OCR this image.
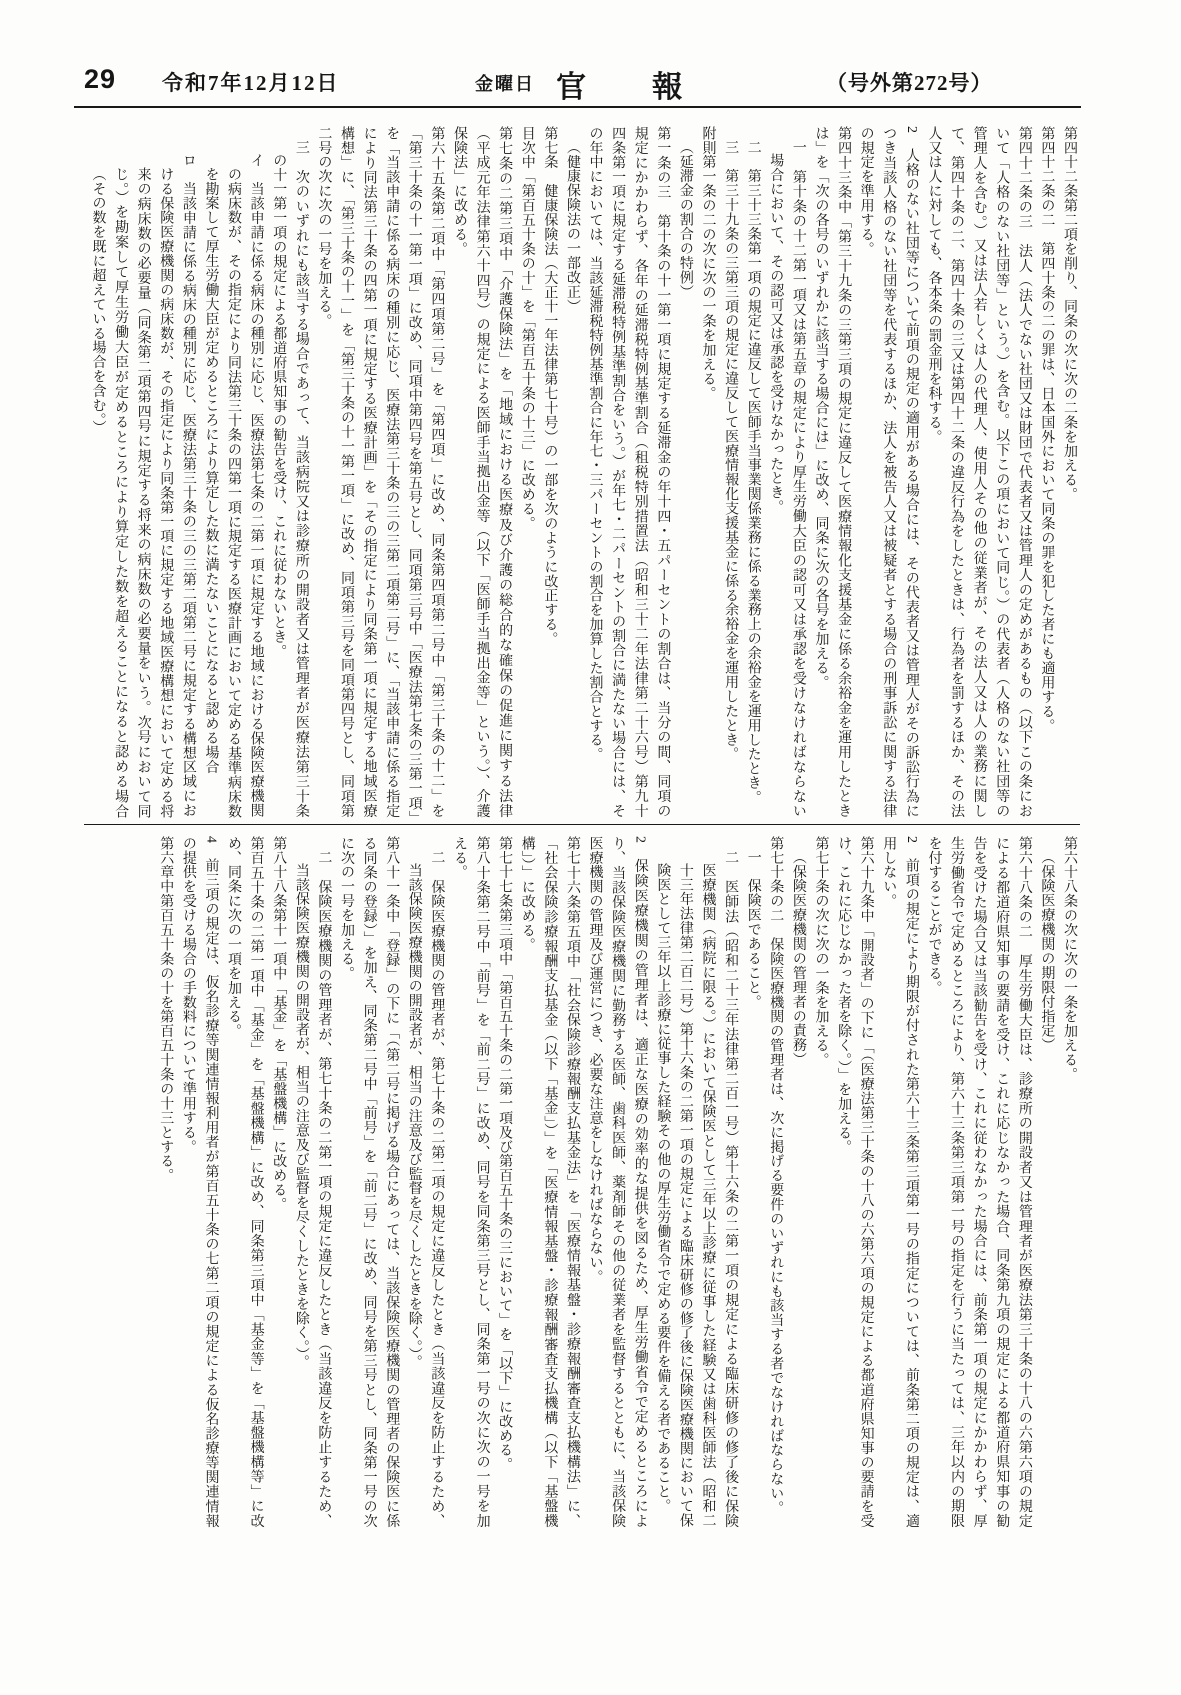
29 令和7年12月12日	金曜日 官報	（号外第272号）

第四十二条第二項を削り、同条の次に次の二条を加える。

第四十二条の二　第四十条の二の罪は、日本国外において同条の罪を犯した者にも適用する。

第四十二条の三　法人（法人でない社団又は財団で代表者又は管理人の定めがあるもの（以下この条において「人格のない社団等」という。）を含む。以下この項において同じ。）の代表者（人格のない社団等の管理人を含む。）又は法人若しくは人の代理人、使用人その他の従業者が、その法人又は人の業務に関して、第四十条の二、第四十条の三又は第四十二条の違反行為をしたときは、行為者を罰するほか、その法人又は人に対しても、各本条の罰金刑を科する。

2　人格のない社団等について前項の規定の適用がある場合には、その代表者又は管理人がその訴訟行為につき当該人格のない社団等を代表するほか、法人を被告人又は被疑者とする場合の刑事訴訟に関する法律の規定を準用する。

第四十三条中「第三十九条の三第三項の規定に違反して医療情報化支援基金に係る余裕金を運用したときは」を「次の各号のいずれかに該当する場合には」に改め、同条に次の各号を加える。

一　第十条の十二第一項又は第五章の規定により厚生労働大臣の認可又は承認を受けなければならない場合において、その認可又は承認を受けなかったとき。

二　第三十三条第一項の規定に違反して医師手当事業関係業務に係る業務上の余裕金を運用したとき。

三　第三十九条の三第三項の規定に違反して医療情報化支援基金に係る余裕金を運用したとき。

附則第一条の二の次に次の一条を加える。

（延滞金の割合の特例）

第一条の三　第十条の十一第一項に規定する延滞金の年十四・五パーセントの割合は、当分の間、同項の規定にかかわらず、各年の延滞税特例基準割合（租税特別措置法（昭和三十二年法律第二十六号）第九十四条第一項に規定する延滞税特例基準割合をいう。）が年七・二パーセントの割合に満たない場合には、その年中においては、当該延滞税特例基準割合に年七・三パーセントの割合を加算した割合とする。

（健康保険法の一部改正）

第七条　健康保険法（大正十一年法律第七十号）の一部を次のように改正する。

目次中「第百五十条の十」を「第百五十条の十三」に改める。

第七条の二第三項中「介護保険法」を「地域における医療及び介護の総合的な確保の促進に関する法律（平成元年法律第六十四号）の規定による医師手当拠出金等（以下「医師手当拠出金等」という。）、介護保険法」に改める。

第六十五条第二項中「第四項第二号」を「第四項」に改め、同条第四項第二号中「第三十条の十二」を「第三十条の十一第一項」に改め、同項中第四号を第五号とし、同項第三号中「医療法第七条の三第一項」を「当該申請に係る病床の種別に応じ、医療法第三十条の三の三第二項第二号」に、「当該申請に係る指定により同法第三十条の四第一項に規定する医療計画」を「その指定により同条第一項に規定する地域医療構想」に、「第三十条の十一」を「第三十条の十一第一項」に改め、同項第三号を同項第四号とし、同項第二号の次に次の一号を加える。

三　次のいずれにも該当する場合であって、当該病院又は診療所の開設者又は管理者が医療法第三十条の十一第一項の規定による都道府県知事の勧告を受け、これに従わないとき。

イ　当該申請に係る病床の種別に応じ、医療法第七条の二第一項に規定する地域における保険医療機関の病床数が、その指定により同法第三十条の四第一項に規定する医療計画において定める基準病床数を勘案して厚生労働大臣が定めるところにより算定した数に満たないことになると認める場合

ロ　当該申請に係る病床の種別に応じ、医療法第三十条の三の三第二項第二号に規定する構想区域における保険医療機関の病床数が、その指定により同条第一項に規定する地域医療構想において定める将来の病床数の必要量（同条第二項第四号に規定する将来の病床数の必要量をいう。次号において同じ。）を勘案して厚生労働大臣が定めるところにより算定した数を超えることになると認める場合（その数を既に超えている場合を含む。）

第六十八条の次に次の一条を加える。

（保険医療機関の期限付指定）

第六十八条の二　厚生労働大臣は、診療所の開設者又は管理者が医療法第三十条の十八の六第六項の規定による都道府県知事の要請を受け、これに応じなかった場合、同条第九項の規定による都道府県知事の勧告を受けた場合又は当該勧告を受け、これに従わなかった場合には、前条第一項の規定にかかわらず、厚生労働省令で定めるところにより、第六十三条第三項第一号の指定を行うに当たっては、三年以内の期限を付することができる。

2　前項の規定により期限が付された第六十三条第三項第一号の指定については、前条第二項の規定は、適用しない。

第六十九条中「開設者」の下に「（医療法第三十条の十八の六第六項の規定による都道府県知事の要請を受け、これに応じなかった者を除く。）」を加える。

第七十条の次に次の一条を加える。

（保険医療機関の管理者の責務）

第七十条の二　保険医療機関の管理者は、次に掲げる要件のいずれにも該当する者でなければならない。

一　保険医であること。

二　医師法（昭和二十三年法律第二百一号）第十六条の二第一項の規定による臨床研修の修了後に保険医療機関（病院に限る。）において保険医として三年以上診療に従事した経験又は歯科医師法（昭和二十三年法律第二百二号）第十六条の二第一項の規定による臨床研修の修了後に保険医療機関において保険医として三年以上診療に従事した経験その他の厚生労働省令で定める要件を備える者であること。

2　保険医療機関の管理者は、適正な医療の効率的な提供を図るため、厚生労働省令で定めるところにより、当該保険医療機関に勤務する医師、歯科医師、薬剤師その他の従業者を監督するとともに、当該保険医療機関の管理及び運営につき、必要な注意をしなければならない。

第七十六条第五項中「社会保険診療報酬支払基金法」を「医療情報基盤・診療報酬審査支払機構法」に、「社会保険診療報酬支払基金（以下「基金」）」を「医療情報基盤・診療報酬審査支払機構（以下「基盤機構」）」に改める。

第七十七条第三項中「第百五十条の二第一項及び第百五十条の三において」を「以下」に改める。

第八十条第二号中「前号」を「前二号」に改め、同号を同条第三号とし、同条第一号の次に次の一号を加える。

二　保険医療機関の管理者が、第七十条の二第二項の規定に違反したとき（当該違反を防止するため、当該保険医療機関の開設者が、相当の注意及び監督を尽くしたときを除く。）。

第八十一条中「登録」の下に「（第二号に掲げる場合にあっては、当該保険医療機関の管理者の保険医に係る同条の登録）」を加え、同条第二号中「前号」を「前二号」に改め、同号を第三号とし、同条第一号の次に次の一号を加える。

二　保険医療機関の管理者が、第七十条の二第一項の規定に違反したとき（当該違反を防止するため、当該保険医療機関の開設者が、相当の注意及び監督を尽くしたときを除く。）。

第八十八条第十一項中「基金」を「基盤機構」に改める。

第百五十条の二第一項中「基金」を「基盤機構」に改め、同条第三項中「基金等」を「基盤機構等」に改め、同条に次の一項を加える。

4　前三項の規定は、仮名診療等関連情報利用者が第百五十条の七第二項の規定による仮名診療等関連情報の提供を受ける場合の手数料について準用する。

第六章中第百五十条の十を第百五十条の十三とする。
